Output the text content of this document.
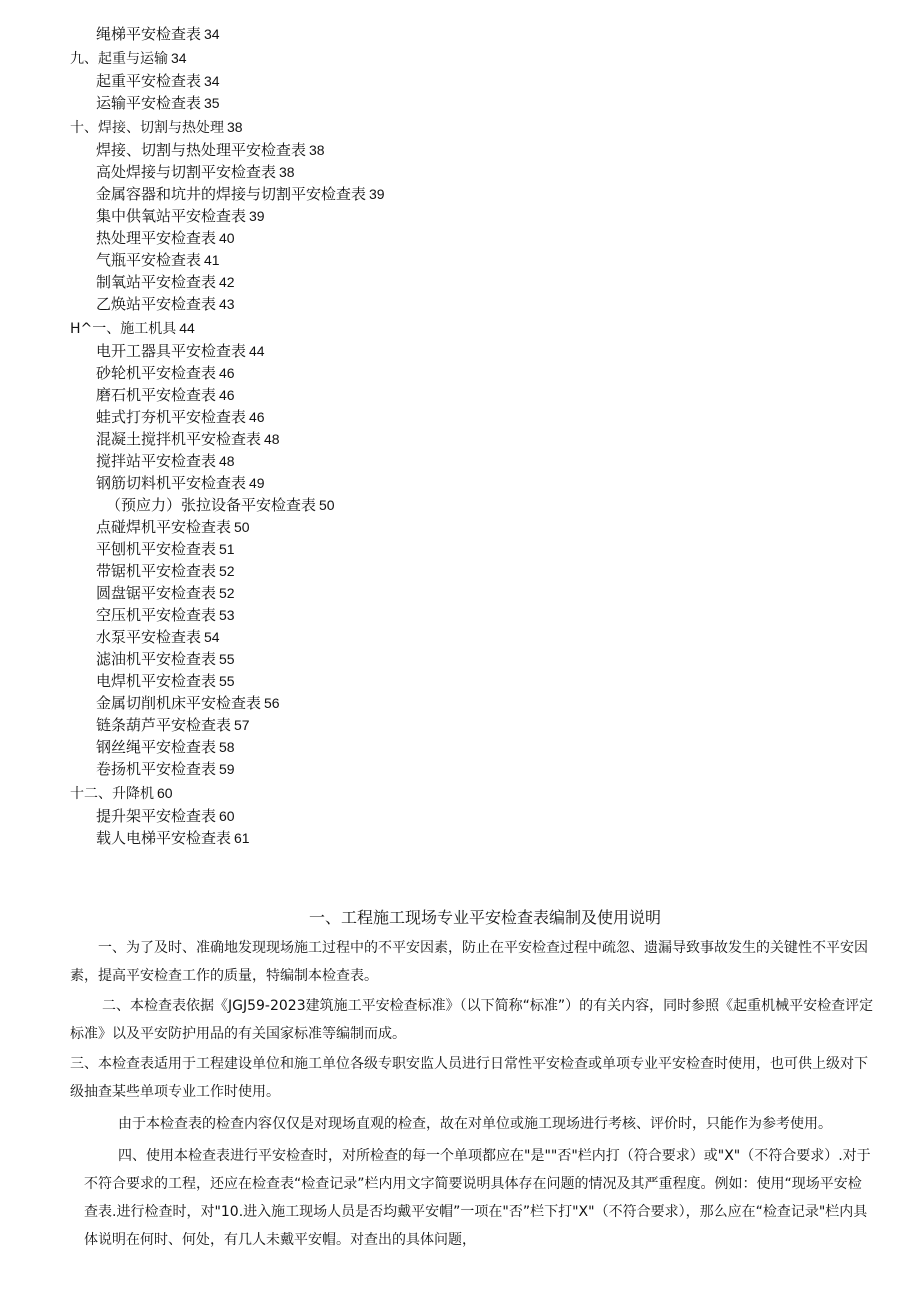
绳梯平安检查表 34
九、起重与运输 34
起重平安检查表 34
运输平安检查表 35
十、焊接、切割与热处理 38
焊接、切割与热处理平安检查表 38
高处焊接与切割平安检查表 38
金属容器和坑井的焊接与切割平安检查表 39
集中供氧站平安检查表 39
热处理平安检查表 40
气瓶平安检查表 41
制氧站平安检查表 42
乙焕站平安检查表 43
H^一、施工机具 44
电开工器具平安检查表 44
砂轮机平安检查表 46
磨石机平安检查表 46
蛙式打夯机平安检查表 46
混凝土搅拌机平安检查表 48
搅拌站平安检查表 48
钢筋切料机平安检查表 49
（预应力）张拉设备平安检查表 50
点碰焊机平安检查表 50
平刨机平安检查表 51
带锯机平安检查表 52
圆盘锯平安检查表 52
空压机平安检查表 53
水泵平安检查表 54
滤油机平安检查表 55
电焊机平安检查表 55
金属切削机床平安检查表 56
链条葫芦平安检查表 57
钢丝绳平安检查表 58
卷扬机平安检查表 59
十二、升降机 60
提升架平安检查表 60
载人电梯平安检查表 61
一、工程施工现场专业平安检查表编制及使用说明

一、为了及时、准确地发现现场施工过程中的不平安因素，防止在平安检查过程中疏忽、遗漏导致事故发生的关键性不平安因素，提高平安检查工作的质量，特编制本检查表。

二、本检查表依据《JGJ59-2023建筑施工平安检查标准》（以下简称“标准”）的有关内容，同时参照《起重机械平安检查评定标准》以及平安防护用品的有关国家标准等编制而成。

三、本检查表适用于工程建设单位和施工单位各级专职安监人员进行日常性平安检查或单项专业平安检查时使用，也可供上级对下级抽查某些单项专业工作时使用。

由于本检查表的检查内容仅仅是对现场直观的检查，故在对单位或施工现场进行考核、评价时，只能作为参考使用。

四、使用本检查表进行平安检查时，对所检查的每一个单项都应在"是""否"栏内打（符合要求）或"X"（不符合要求）.对于不符合要求的工程，还应在检查表“检查记录”栏内用文字简要说明具体存在问题的情况及其严重程度。例如：使用“现场平安检查表.进行检查时，对"10.进入施工现场人员是否均戴平安帽”一项在"否”栏下打"X"（不符合要求），那么应在“检查记录"栏内具体说明在何时、何处，有几人未戴平安帽。对查出的具体问题，
